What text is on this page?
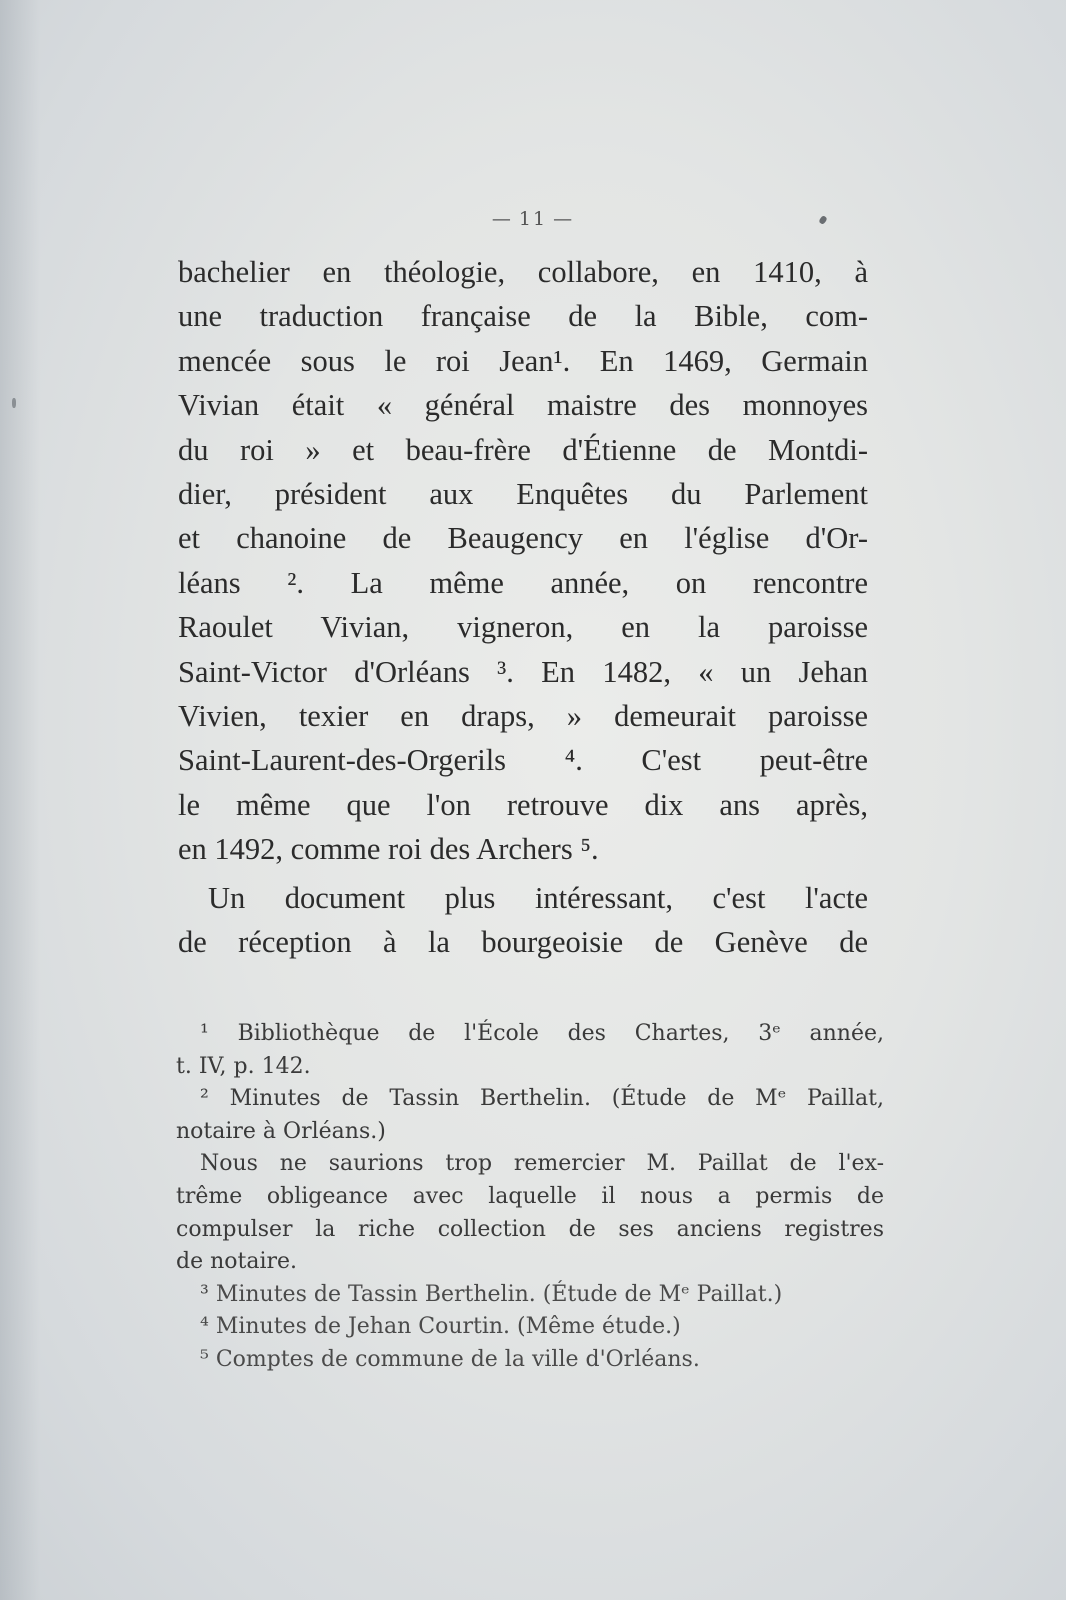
— 11 —
bachelier en théologie, collabore, en 1410, à
une traduction française de la Bible, com-
mencée sous le roi Jean¹. En 1469, Germain
Vivian était « général maistre des monnoyes
du roi » et beau-frère d'Étienne de Montdi-
dier, président aux Enquêtes du Parlement
et chanoine de Beaugency en l'église d'Or-
léans ². La même année, on rencontre
Raoulet Vivian, vigneron, en la paroisse
Saint-Victor d'Orléans ³. En 1482, « un Jehan
Vivien, texier en draps, » demeurait paroisse
Saint-Laurent-des-Orgerils ⁴. C'est peut-être
le même que l'on retrouve dix ans après,
en 1492, comme roi des Archers ⁵.
Un document plus intéressant, c'est l'acte
de réception à la bourgeoisie de Genève de
¹ Bibliothèque de l'École des Chartes, 3ᵉ année,
t. IV, p. 142.
² Minutes de Tassin Berthelin. (Étude de Mᵉ Paillat,
notaire à Orléans.)
Nous ne saurions trop remercier M. Paillat de l'ex-
trême obligeance avec laquelle il nous a permis de
compulser la riche collection de ses anciens registres
de notaire.
³ Minutes de Tassin Berthelin. (Étude de Mᵉ Paillat.)
⁴ Minutes de Jehan Courtin. (Même étude.)
⁵ Comptes de commune de la ville d'Orléans.
